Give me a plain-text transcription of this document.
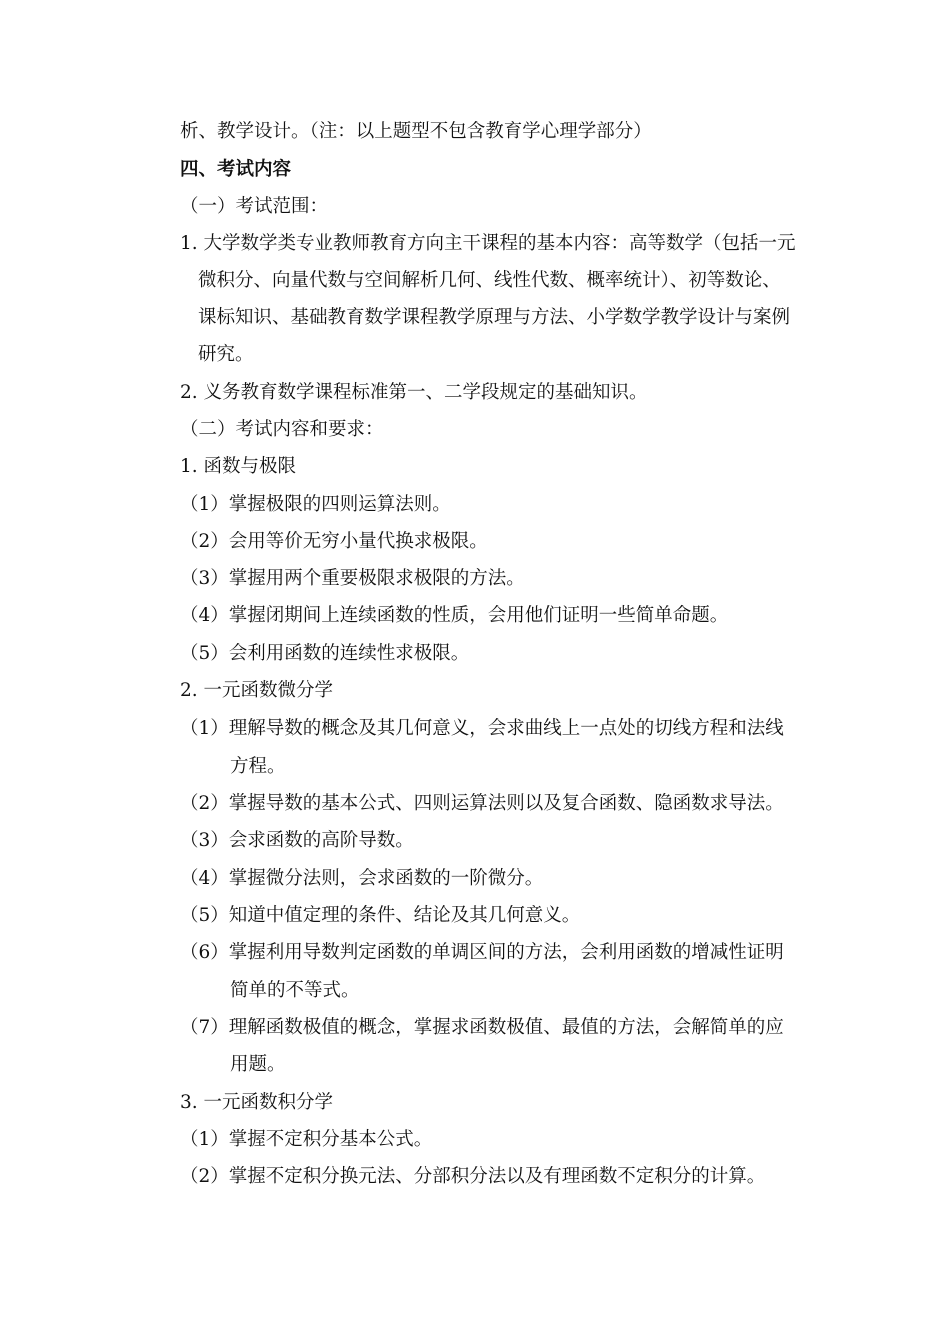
析、教学设计。（注：以上题型不包含教育学心理学部分）
四、考试内容
（一）考试范围：
1. 大学数学类专业教师教育方向主干课程的基本内容：高等数学（包括一元
微积分、向量代数与空间解析几何、线性代数、概率统计）、初等数论、
课标知识、基础教育数学课程教学原理与方法、小学数学教学设计与案例
研究。
2. 义务教育数学课程标准第一、二学段规定的基础知识。
（二）考试内容和要求：
1. 函数与极限
（1）掌握极限的四则运算法则。
（2）会用等价无穷小量代换求极限。
（3）掌握用两个重要极限求极限的方法。
（4）掌握闭期间上连续函数的性质，会用他们证明一些简单命题。
（5）会利用函数的连续性求极限。
2. 一元函数微分学
（1）理解导数的概念及其几何意义，会求曲线上一点处的切线方程和法线
方程。
（2）掌握导数的基本公式、四则运算法则以及复合函数、隐函数求导法。
（3）会求函数的高阶导数。
（4）掌握微分法则，会求函数的一阶微分。
（5）知道中值定理的条件、结论及其几何意义。
（6）掌握利用导数判定函数的单调区间的方法，会利用函数的增减性证明
简单的不等式。
（7）理解函数极值的概念，掌握求函数极值、最值的方法，会解简单的应
用题。
3. 一元函数积分学
（1）掌握不定积分基本公式。
（2）掌握不定积分换元法、分部积分法以及有理函数不定积分的计算。
